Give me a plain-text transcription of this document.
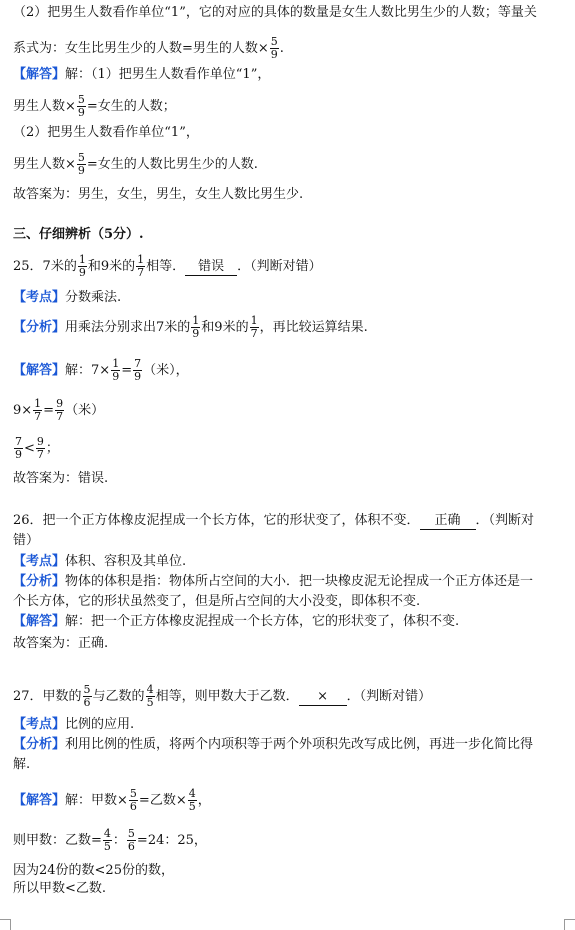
（2）把男生人数看作单位“1”，它的对应的具体的数量是女生人数比男生少的人数；等量关
系式为：女生比男生少的人数=男生的人数× $\frac{5}{9}$ .
【解答】解：（1）把男生人数看作单位“1”，
男生人数× $\frac{5}{9}$ =女生的人数；
（2）把男生人数看作单位“1”，
男生人数× $\frac{5}{9}$ =女生的人数比男生少的人数.
故答案为：男生，女生，男生，女生人数比男生少.
三、仔细辨析（5分）.
25．7米的 $\frac{1}{9}$ 和9米的 $\frac{1}{7}$ 相等． 错误 ．（判断对错）
【考点】分数乘法.
【分析】用乘法分别求出7米的 $\frac{1}{9}$ 和9米的 $\frac{1}{7}$ ，再比较运算结果.
【解答】解：$7\times \frac{1}{9} = \frac{7}{9}$ （米），
$9\times \frac{1}{7} = \frac{9}{7}$ （米）
$\frac{7}{9} < \frac{9}{7}$ ；
故答案为：错误.
26．把一个正方体橡皮泥捏成一个长方体，它的形状变了，体积不变． 正确 ．（判断对
错）
【考点】体积、容积及其单位.
【分析】物体的体积是指：物体所占空间的大小．把一块橡皮泥无论捏成一个正方体还是一
个长方体，它的形状虽然变了，但是所占空间的大小没变，即体积不变.
【解答】解：把一个正方体橡皮泥捏成一个长方体，它的形状变了，体积不变.
故答案为：正确.
27．甲数的 $\frac{5}{6}$ 与乙数的 $\frac{4}{5}$ 相等，则甲数大于乙数． × ．（判断对错）
【考点】比例的应用.
【分析】利用比例的性质，将两个内项积等于两个外项积先改写成比例，再进一步化简比得
解.
【解答】解：甲数× $\frac{5}{6}$ =乙数× $\frac{4}{5}$ ，
则甲数：乙数= $\frac{4}{5}$ ： $\frac{5}{6} =24$：25，
因为24份的数<25份的数，
所以甲数<乙数.
